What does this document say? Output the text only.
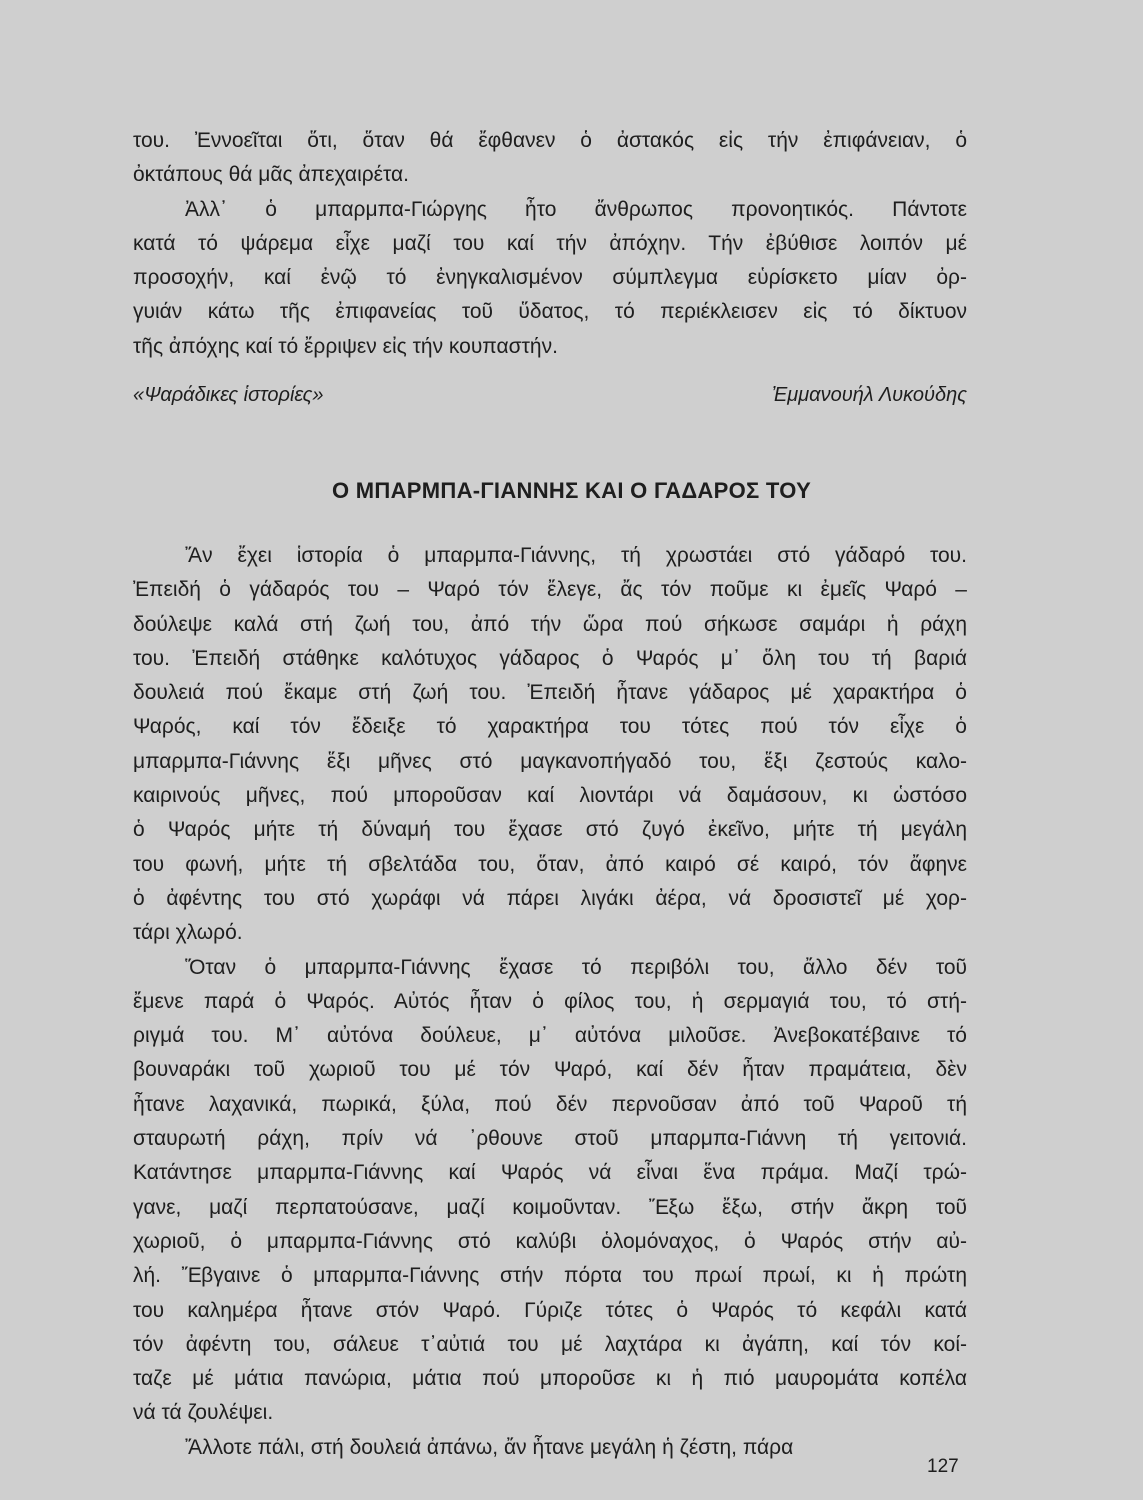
του. Ἐννοεῖται ὅτι, ὅταν θά ἔφθανεν ὁ ἀστακός εἰς τήν ἐπιφάνειαν, ὁ
ὀκτάπους θά μᾶς ἀπεχαιρέτα.
Ἀλλ᾽ ὁ μπαρμπα-Γιώργης ἦτο ἄνθρωπος προνοητικός. Πάντοτε
κατά τό ψάρεμα εἶχε μαζί του καί τήν ἀπόχην. Τήν ἐβύθισε λοιπόν μέ
προσοχήν, καί ἐνῷ τό ἐνηγκαλισμένον σύμπλεγμα εὑρίσκετο μίαν ὀρ-
γυιάν κάτω τῆς ἐπιφανείας τοῦ ὕδατος, τό περιέκλεισεν εἰς τό δίκτυον
τῆς ἀπόχης καί τό ἔρριψεν εἰς τήν κουπαστήν.
«Ψαράδικες ἱστορίες»	Ἐμμανουήλ Λυκούδης
Ο ΜΠΑΡΜΠΑ-ΓΙΑΝΝΗΣ ΚΑΙ Ο ΓΑΔΑΡΟΣ ΤΟΥ
Ἄν ἔχει ἱστορία ὁ μπαρμπα-Γιάννης, τή χρωστάει στό γάδαρό του.
Ἐπειδή ὁ γάδαρός του – Ψαρό τόν ἔλεγε, ἄς τόν ποῦμε κι ἐμεῖς Ψαρό –
δούλεψε καλά στή ζωή του, ἀπό τήν ὥρα πού σήκωσε σαμάρι ἡ ράχη
του. Ἐπειδή στάθηκε καλότυχος γάδαρος ὁ Ψαρός μ᾽ ὅλη του τή βαριά
δουλειά πού ἔκαμε στή ζωή του. Ἐπειδή ἦτανε γάδαρος μέ χαρακτήρα ὁ
Ψαρός, καί τόν ἔδειξε τό χαρακτήρα του τότες πού τόν εἶχε ὁ
μπαρμπα-Γιάννης ἕξι μῆνες στό μαγκανοπήγαδό του, ἕξι ζεστούς καλο-
καιρινούς μῆνες, πού μποροῦσαν καί λιοντάρι νά δαμάσουν, κι ὡστόσο
ὁ Ψαρός μήτε τή δύναμή του ἔχασε στό ζυγό ἐκεῖνο, μήτε τή μεγάλη
του φωνή, μήτε τή σβελτάδα του, ὅταν, ἀπό καιρό σέ καιρό, τόν ἄφηνε
ὁ ἀφέντης του στό χωράφι νά πάρει λιγάκι ἀέρα, νά δροσιστεῖ μέ χορ-
τάρι χλωρό.
Ὅταν ὁ μπαρμπα-Γιάννης ἔχασε τό περιβόλι του, ἄλλο δέν τοῦ
ἔμενε παρά ὁ Ψαρός. Αὐτός ἦταν ὁ φίλος του, ἡ σερμαγιά του, τό στή-
ριγμά του. Μ᾽ αὐτόνα δούλευε, μ᾽ αὐτόνα μιλοῦσε. Ἀνεβοκατέβαινε τό
βουναράκι τοῦ χωριοῦ του μέ τόν Ψαρό, καί δέν ἦταν πραμάτεια, δὲν
ἦτανε λαχανικά, πωρικά, ξύλα, πού δέν περνοῦσαν ἀπό τοῦ Ψαροῦ τή
σταυρωτή ράχη, πρίν νά ᾽ρθουνε στοῦ μπαρμπα-Γιάννη τή γειτονιά.
Κατάντησε μπαρμπα-Γιάννης καί Ψαρός νά εἶναι ἕνα πράμα. Μαζί τρώ-
γανε, μαζί περπατούσανε, μαζί κοιμοῦνταν. Ἔξω ἔξω, στήν ἄκρη τοῦ
χωριοῦ, ὁ μπαρμπα-Γιάννης στό καλύβι ὁλομόναχος, ὁ Ψαρός στήν αὐ-
λή. Ἔβγαινε ὁ μπαρμπα-Γιάννης στήν πόρτα του πρωί πρωί, κι ἡ πρώτη
του καλημέρα ἦτανε στόν Ψαρό. Γύριζε τότες ὁ Ψαρός τό κεφάλι κατά
τόν ἀφέντη του, σάλευε τ᾽αὐτιά του μέ λαχτάρα κι ἀγάπη, καί τόν κοί-
ταζε μέ μάτια πανώρια, μάτια πού μποροῦσε κι ἡ πιό μαυρομάτα κοπέλα
νά τά ζουλέψει.
Ἄλλοτε πάλι, στή δουλειά ἀπάνω, ἄν ἦτανε μεγάλη ἡ ζέστη, πάρα
127
